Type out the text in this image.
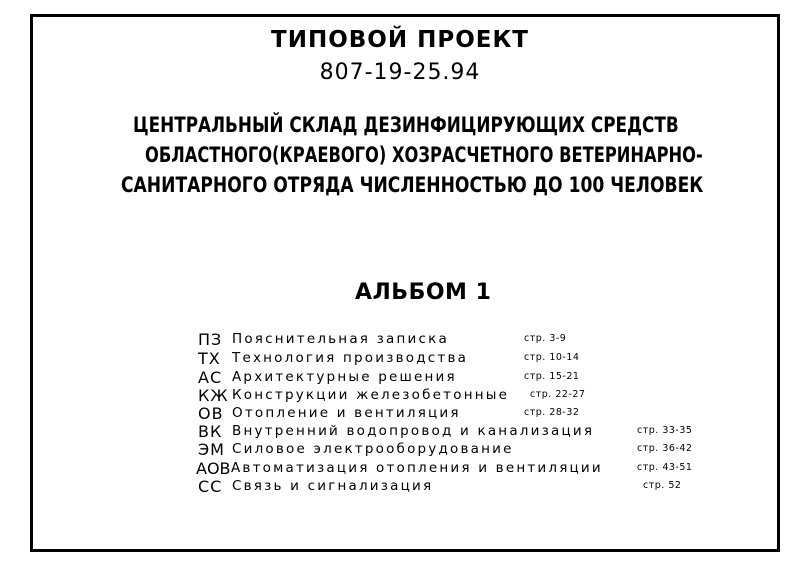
ТИПОВОЙ ПРОЕКТ
807-19-25.94
ЦЕНТРАЛЬНЫЙ СКЛАД ДЕЗИНФИЦИРУЮЩИХ СРЕДСТВ
ОБЛАСТНОГО(КРАЕВОГО) ХОЗРАСЧЕТНОГО ВЕТЕРИНАРНО-
САНИТАРНОГО ОТРЯДА ЧИСЛЕННОСТЬЮ ДО 100 ЧЕЛОВЕК
АЛЬБОМ 1
ПЗ Пояснительная записка	стр. 3-9
ТХ Технология производства	стр. 10-14
АС Архитектурные решения	стр. 15-21
КЖ Конструкции железобетонные стр. 22-27
ОВ Отопление и вентиляция	стр. 28-32
ВК Внутренний водопровод и канализация	стр. 33-35
ЭМ Силовое электрооборудование	стр. 36-42
АОВ Автоматизация отопления и вентиляции	стр. 43-51
СС Связь и сигнализация	стр. 52
